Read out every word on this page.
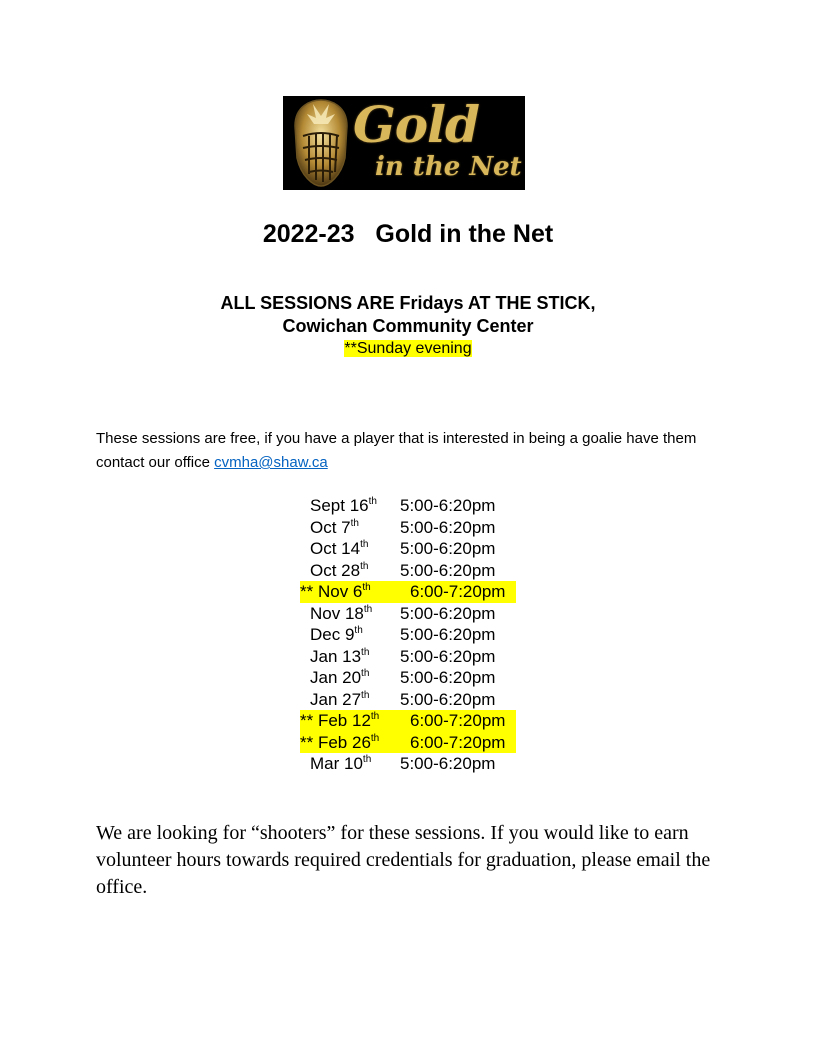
Gold
in the Net
2022-23   Gold in the Net
ALL SESSIONS ARE Fridays AT THE STICK,
Cowichan Community Center
**Sunday evening
These sessions are free, if you have a player that is interested in being a goalie have them contact our office cvmha@shaw.ca
Sept 16th 5:00-6:20pm
Oct 7th 5:00-6:20pm
Oct 14th 5:00-6:20pm
Oct 28th 5:00-6:20pm
** Nov 6th 6:00-7:20pm
Nov 18th 5:00-6:20pm
Dec 9th 5:00-6:20pm
Jan 13th 5:00-6:20pm
Jan 20th 5:00-6:20pm
Jan 27th 5:00-6:20pm
** Feb 12th 6:00-7:20pm
** Feb 26th 6:00-7:20pm
Mar 10th 5:00-6:20pm
We are looking for “shooters” for these sessions. If you would like to earn volunteer hours towards required credentials for graduation, please email the office.
